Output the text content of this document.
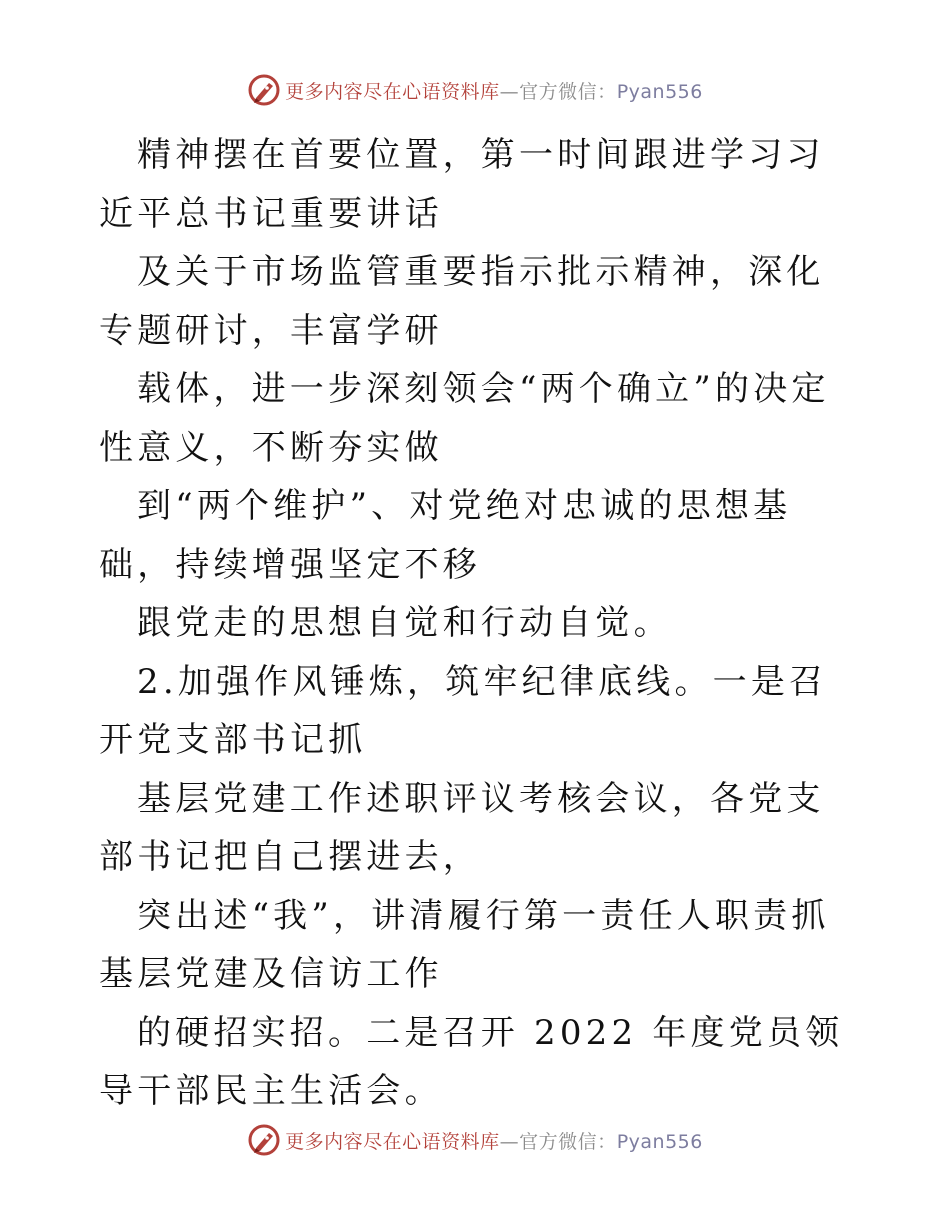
更多内容尽在心语资料库—官方微信：Pyan556

精神摆在首要位置，第一时间跟进学习习近平总书记重要讲话

及关于市场监管重要指示批示精神，深化专题研讨，丰富学研

载体，进一步深刻领会“两个确立”的决定性意义，不断夯实做

到“两个维护”、对党绝对忠诚的思想基础，持续增强坚定不移

跟党走的思想自觉和行动自觉。

2.加强作风锤炼，筑牢纪律底线。一是召开党支部书记抓

基层党建工作述职评议考核会议，各党支部书记把自己摆进去，

突出述“我”，讲清履行第一责任人职责抓基层党建及信访工作

的硬招实招。二是召开 2022 年度党员领导干部民主生活会。

更多内容尽在心语资料库—官方微信：Pyan556
